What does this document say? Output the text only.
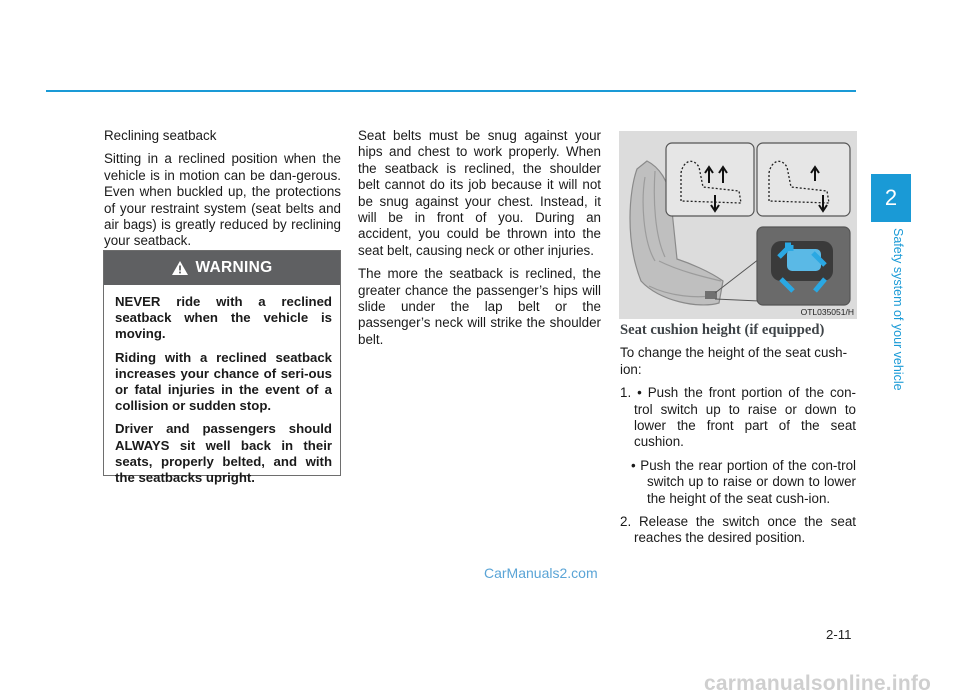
Reclining seatback

Sitting in a reclined position when the vehicle is in motion can be dan-gerous. Even when buckled up, the protections of your restraint system (seat belts and air bags) is greatly reduced by reclining your seatback.

WARNING

NEVER ride with a reclined seatback when the vehicle is moving.

Riding with a reclined seatback increases your chance of seri-ous or fatal injuries in the event of a collision or sudden stop.

Driver and passengers should ALWAYS sit well back in their seats, properly belted, and with the seatbacks upright.

Seat belts must be snug against your hips and chest to work properly. When the seatback is reclined, the shoulder belt cannot do its job because it will not be snug against your chest. Instead, it will be in front of you. During an accident, you could be thrown into the seat belt, causing neck or other injuries.

The more the seatback is reclined, the greater chance the passenger’s hips will slide under the lap belt or the passenger’s neck will strike the shoulder belt.

OTL035051/H

Seat cushion height (if equipped)

To change the height of the seat cush-ion:

1. • Push the front portion of the con-trol switch up to raise or down to lower the front part of the seat cushion.

• Push the rear portion of the con-trol switch up to raise or down to lower the height of the seat cush-ion.

2. Release the switch once the seat reaches the desired position.

2
Safety system of your vehicle
2-11
CarManuals2.com
carmanualsonline.info
